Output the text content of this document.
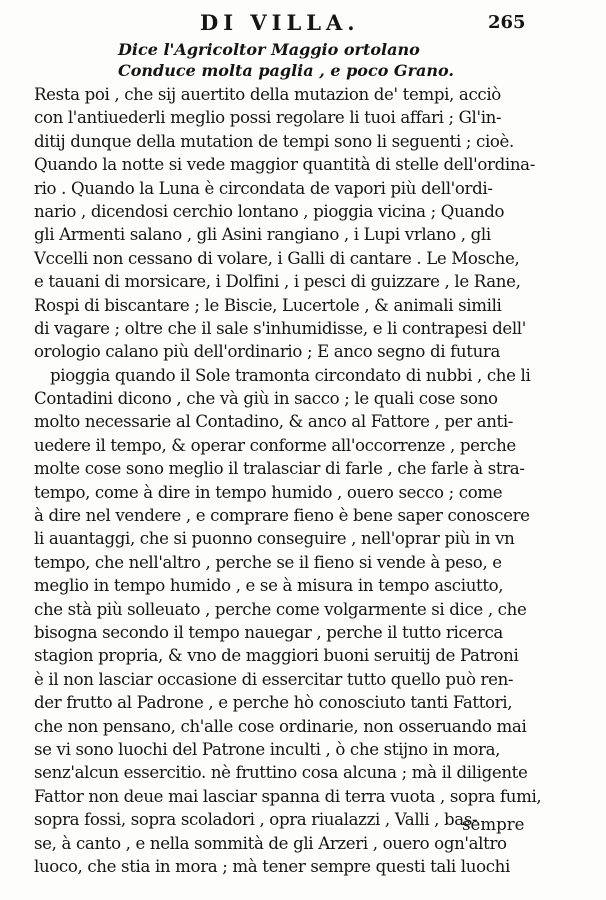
DI VILLA.	265
Dice l'Agricoltor Maggio ortolano
Conduce molta paglia , e poco Grano.
Resta poi , che sij auertito della mutazion de' tempi, acciò
con l'antiuederli meglio possi regolare li tuoi affari ; Gl'in-
ditij dunque della mutation de tempi sono li seguenti ; cioè.
Quando la notte si vede maggior quantità di stelle dell'ordina-
rio . Quando la Luna è circondata de vapori più dell'ordi-
nario , dicendosi cerchio lontano , pioggia vicina ; Quando
gli Armenti salano , gli Asini rangiano , i Lupi vrlano , gli
Vccelli non cessano di volare, i Galli di cantare . Le Mosche,
e tauani di morsicare, i Dolfini , i pesci di guizzare , le Rane,
Rospi di biscantare ; le Biscie, Lucertole , & animali simili
di vagare ; oltre che il sale s'inhumidisse, e li contrapesi dell'
orologio calano più dell'ordinario ; E anco segno di futura
pioggia quando il Sole tramonta circondato di nubbi , che li
Contadini dicono , che và giù in sacco ; le quali cose sono
molto necessarie al Contadino, & anco al Fattore , per anti-
uedere il tempo, & operar conforme all'occorrenze , perche
molte cose sono meglio il tralasciar di farle , che farle à stra-
tempo, come à dire in tempo humido , ouero secco ; come
à dire nel vendere , e comprare fieno è bene saper conoscere
li auantaggi, che si puonno conseguire , nell'oprar più in vn
tempo, che nell'altro , perche se il fieno si vende à peso, e
meglio in tempo humido , e se à misura in tempo asciutto,
che stà più solleuato , perche come volgarmente si dice , che
bisogna secondo il tempo nauegar , perche il tutto ricerca
stagion propria, & vno de maggiori buoni seruitij de Patroni
è il non lasciar occasione di essercitar tutto quello può ren-
der frutto al Padrone , e perche hò conosciuto tanti Fattori,
che non pensano, ch'alle cose ordinarie, non osseruando mai
se vi sono luochi del Patrone inculti , ò che stijno in mora,
senz'alcun essercitio. nè fruttino cosa alcuna ; mà il diligente
Fattor non deue mai lasciar spanna di terra vuota , sopra fumi,
sopra fossi, sopra scoladori , opra riualazzi , Valli , bas-
se, à canto , e nella sommità de gli Arzeri , ouero ogn'altro
luoco, che stia in mora ; mà tener sempre questi tali luochi
sempre
